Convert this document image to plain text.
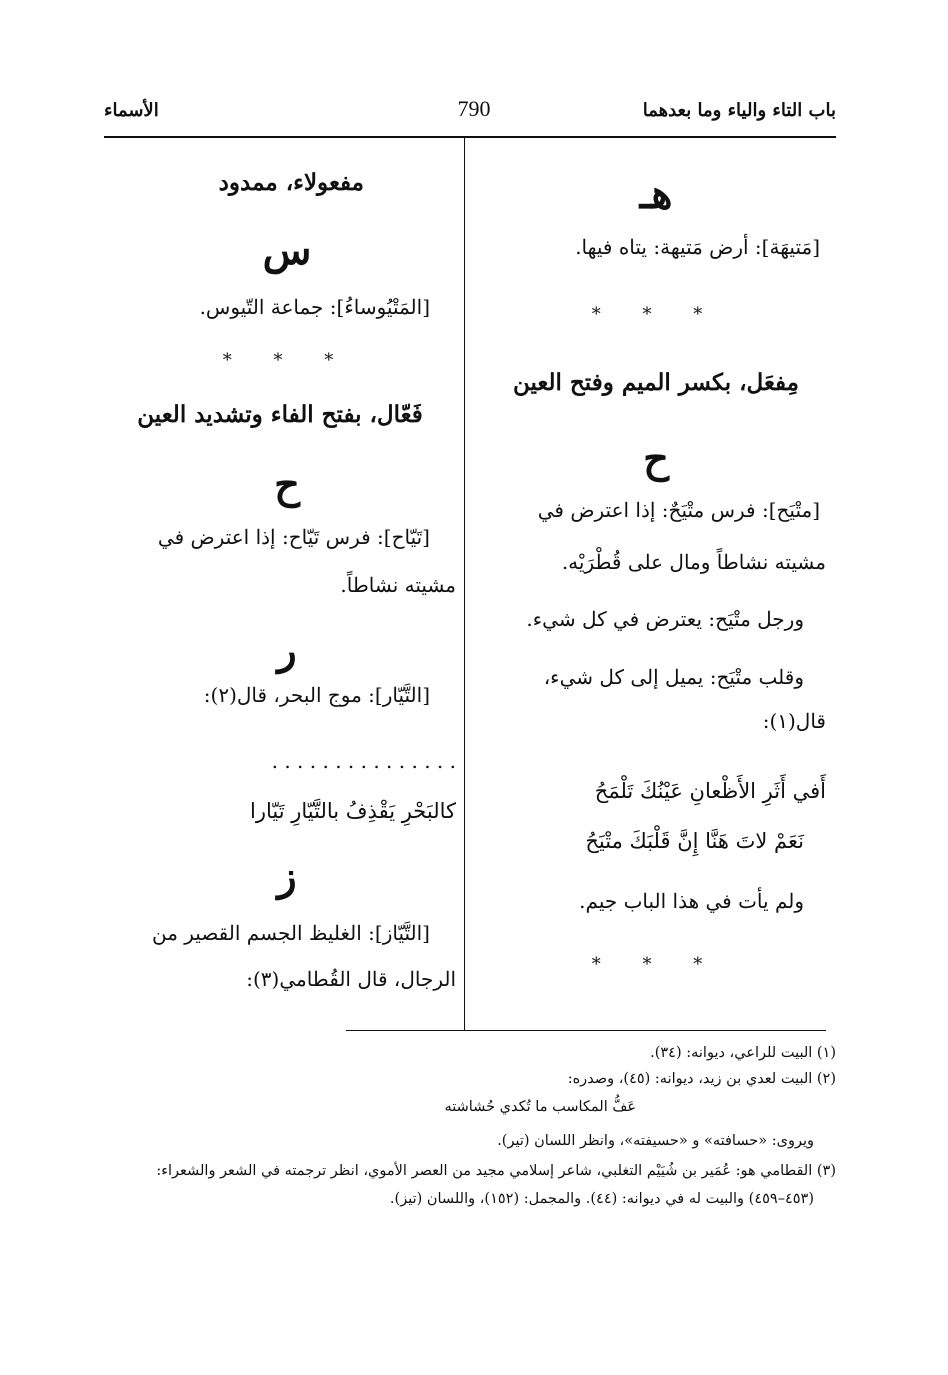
باب التاء والياء وما بعدهما
790
الأسماء
هـ
[مَتيهَة]: أرض مَتيهة: يتاه فيها.
* * *
مِفعَل، بكسر الميم وفتح العين
ح
[متْيَح]: فرس متْيَحٌ: إذا اعترض في
مشيته نشاطاً ومال على قُطْرَيْه.
ورجل متْيَح: يعترض في كل شيء.
وقلب متْيَح: يميل إلى كل شيء،
قال(١):
أَفي أَثَرِ الأَظْعانِ عَيْنُكَ تَلْمَحُ
نَعَمْ لاتَ هَنَّا إِنَّ قَلْبَكَ متْيَحُ
ولم يأت في هذا الباب جيم.
* * *
مفعولاء، ممدود
س
[المَتْيُوساءُ]: جماعة التّيوس.
* * *
فَعّال، بفتح الفاء وتشديد العين
ح
[تَيّاح]: فرس تَيّاح: إذا اعترض في
مشيته نشاطاً.
ر
[التَّيّار]: موج البحر، قال(٢):
. . . . . . . . . . . . . . .
كالبَحْرِ يَقْذِفُ بالتَّيّارِ تَيّارا
ز
[التَّيّاز]: الغليظ الجسم القصير من
الرجال، قال القُطامي(٣):
(١) البيت للراعي، ديوانه: (٣٤).
(٢) البيت لعدي بن زيد، ديوانه: (٤٥)، وصدره:
عَفُّ المكاسب ما تُكدي حُشاشته
ويروى: «حسافته» و «حسيفته»، وانظر اللسان (تير).
(٣) القطامي هو: عُمَير بن شُيَيْم التغلبي، شاعر إسلامي مجيد من العصر الأموي، انظر ترجمته في الشعر والشعراء:
(٤٥٣–٤٥٩) والبيت له في ديوانه: (٤٤). والمجمل: (١٥٢)، واللسان (تيز).
